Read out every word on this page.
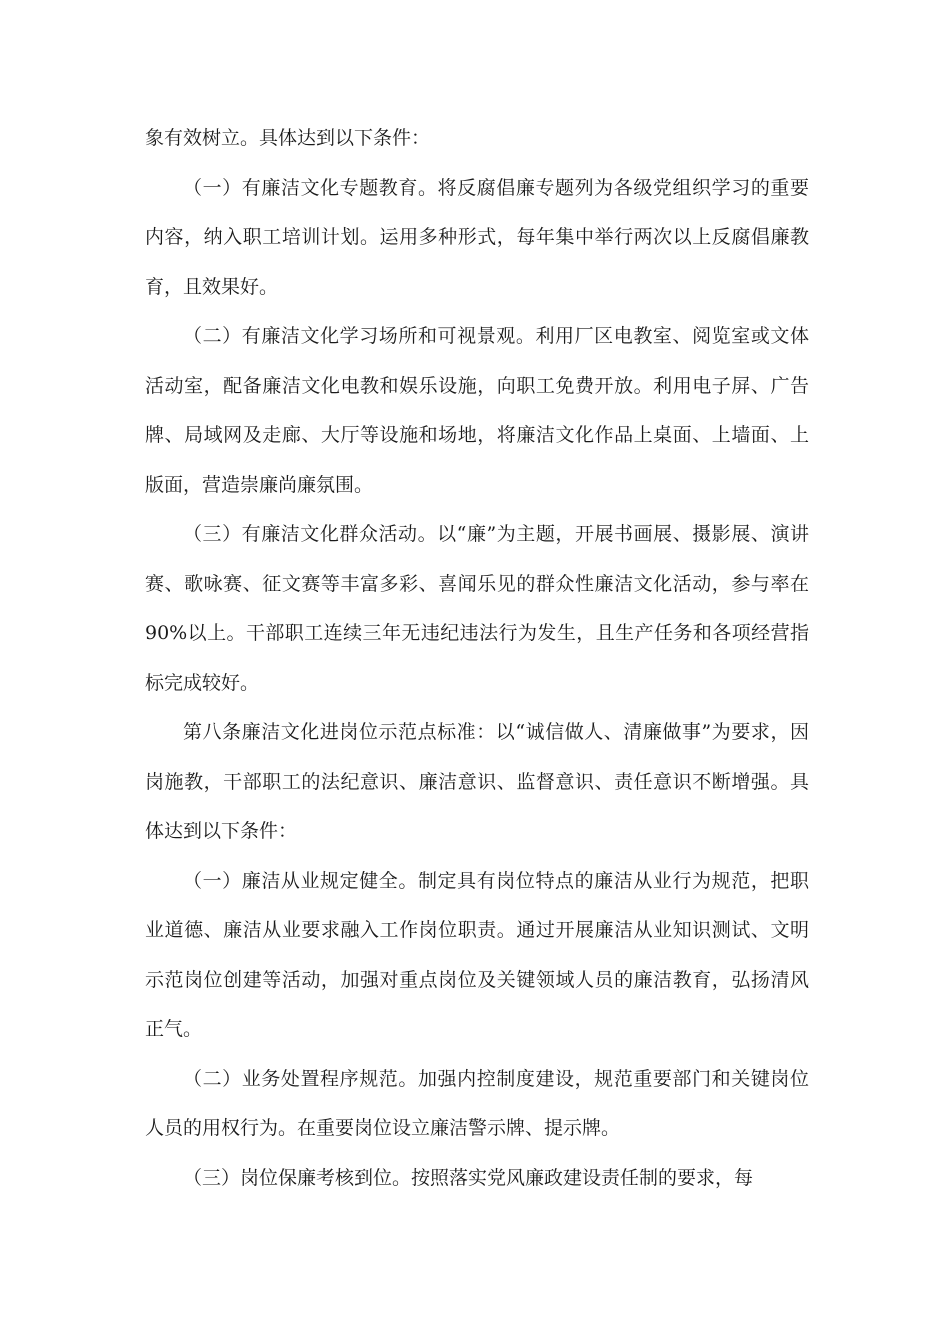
象有效树立。具体达到以下条件：

（一）有廉洁文化专题教育。将反腐倡廉专题列为各级党组织学习的重要内容，纳入职工培训计划。运用多种形式，每年集中举行两次以上反腐倡廉教育，且效果好。

（二）有廉洁文化学习场所和可视景观。利用厂区电教室、阅览室或文体活动室，配备廉洁文化电教和娱乐设施，向职工免费开放。利用电子屏、广告牌、局域网及走廊、大厅等设施和场地，将廉洁文化作品上桌面、上墙面、上版面，营造崇廉尚廉氛围。

（三）有廉洁文化群众活动。以“廉”为主题，开展书画展、摄影展、演讲赛、歌咏赛、征文赛等丰富多彩、喜闻乐见的群众性廉洁文化活动，参与率在 90%以上。干部职工连续三年无违纪违法行为发生，且生产任务和各项经营指标完成较好。

第八条廉洁文化进岗位示范点标准：以“诚信做人、清廉做事”为要求，因岗施教，干部职工的法纪意识、廉洁意识、监督意识、责任意识不断增强。具体达到以下条件：

（一）廉洁从业规定健全。制定具有岗位特点的廉洁从业行为规范，把职业道德、廉洁从业要求融入工作岗位职责。通过开展廉洁从业知识测试、文明示范岗位创建等活动，加强对重点岗位及关键领域人员的廉洁教育，弘扬清风正气。

（二）业务处置程序规范。加强内控制度建设，规范重要部门和关键岗位人员的用权行为。在重要岗位设立廉洁警示牌、提示牌。

（三）岗位保廉考核到位。按照落实党风廉政建设责任制的要求，每
